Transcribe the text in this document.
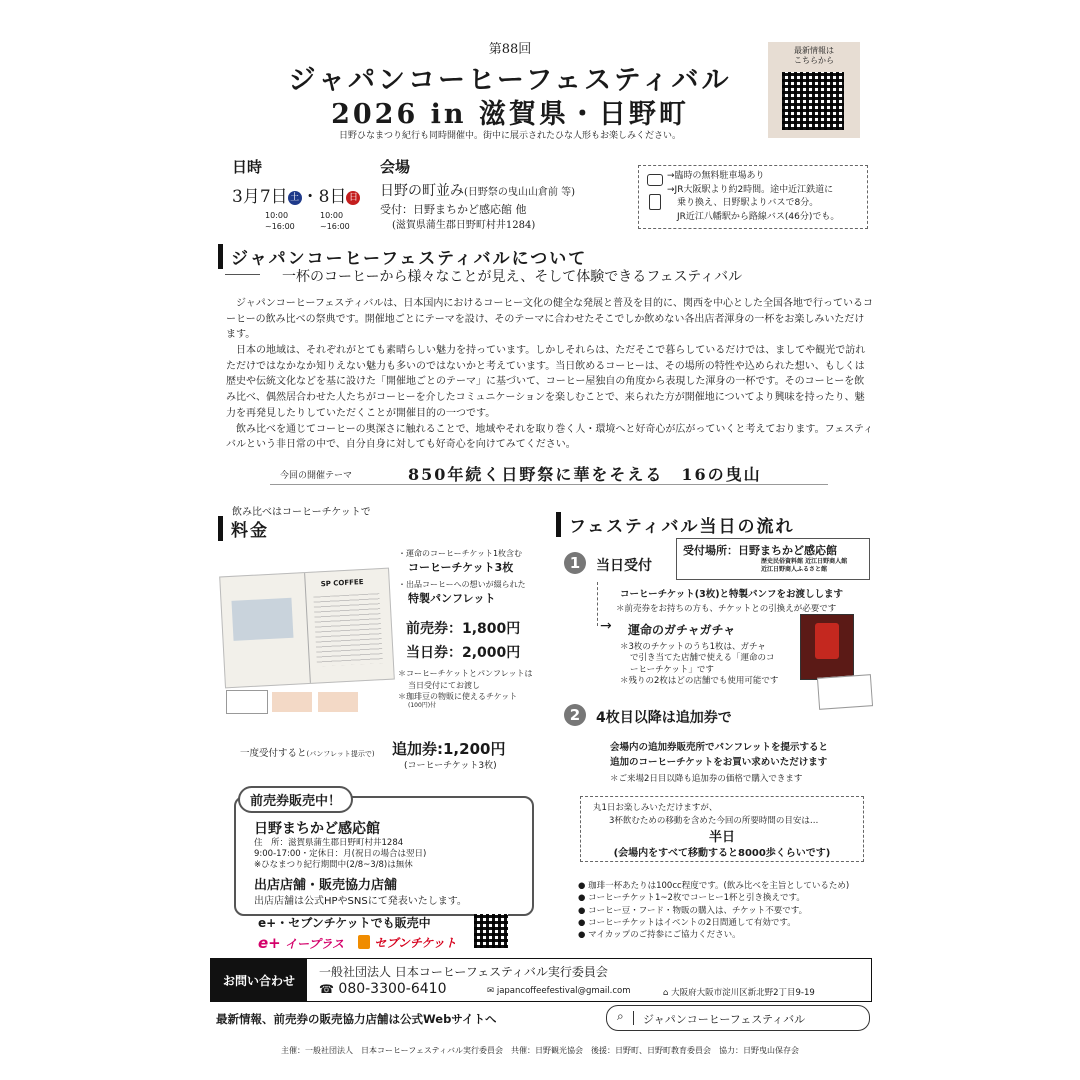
第88回
ジャパンコーヒーフェスティバル
2026 in 滋賀県・日野町
日野ひなまつり紀行も同時開催中。街中に展示されたひな人形もお楽しみください。
最新情報は
こちらから
日時
3月7日 土 ・8日 日
10:00
~16:00
10:00
~16:00
会場
日野の町並み(日野祭の曳山山倉前 等)
受付：日野まちかど感応館 他
(滋賀県蒲生郡日野町村井1284)
→臨時の無料駐車場あり
→JR大阪駅より約2時間。途中近江鉄道に
乗り換え、日野駅よりバスで8分。
JR近江八幡駅から路線バス(46分)でも。
ジャパンコーヒーフェスティバルについて
一杯のコーヒーから様々なことが見え、そして体験できるフェスティバル

ジャパンコーヒーフェスティバルは、日本国内におけるコーヒー文化の健全な発展と普及を目的に、関西を中心とした全国各地で行っているコーヒーの飲み比べの祭典です。開催地ごとにテーマを設け、そのテーマに合わせたそこでしか飲めない各出店者渾身の一杯をお楽しみいただけます。

日本の地域は、それぞれがとても素晴らしい魅力を持っています。しかしそれらは、ただそこで暮らしているだけでは、ましてや観光で訪れただけではなかなか知りえない魅力も多いのではないかと考えています。当日飲めるコーヒーは、その場所の特性や込められた想い、もしくは歴史や伝統文化などを基に設けた「開催地ごとのテーマ」に基づいて、コーヒー屋独自の角度から表現した渾身の一杯です。そのコーヒーを飲み比べ、偶然居合わせた人たちがコーヒーを介したコミュニケーションを楽しむことで、来られた方が開催地についてより興味を持ったり、魅力を再発見したりしていただくことが開催目的の一つです。

飲み比べを通じてコーヒーの奥深さに触れることで、地域やそれを取り巻く人・環境へと好奇心が広がっていくと考えております。フェスティバルという非日常の中で、自分自身に対しても好奇心を向けてみてください。

今回の開催テーマ	850年続く日野祭に華をそえる　16の曳山
飲み比べはコーヒーチケットで
料金
SP COFFEE
・運命のコーヒーチケット1枚含む
コーヒーチケット3枚
・出品コーヒーへの想いが綴られた
特製パンフレット
前売券：1,800円
当日券：2,000円
＊コーヒーチケットとパンフレットは
当日受付にてお渡し
＊珈琲豆の物販に使えるチケット
(100円)付
一度受付すると(パンフレット提示で) 追加券:1,200円
(コーヒーチケット3枚)
前売券販売中！
日野まちかど感応館
住　所：滋賀県蒲生郡日野町村井1284
9:00-17:00・定休日：月(祝日の場合は翌日)
※ひなまつり紀行期間中(2/8~3/8)は無休
出店店舗・販売協力店舗
出店店舗は公式HPやSNSにて発表いたします。
e+・セブンチケットでも販売中
e+ イープラス	セブンチケット
フェスティバル当日の流れ
1	当日受付
受付場所：日野まちかど感応館
歴史民俗資料館 近江日野商人館
近江日野商人ふるさと館
コーヒーチケット(3枚)と特製パンフをお渡しします
＊前売券をお持ちの方も、チケットとの引換えが必要です
→ 運命のガチャガチャ
＊3枚のチケットのうち1枚は、ガチャ
で引き当てた店舗で使える「運命のコ
ーヒーチケット」です
＊残りの2枚はどの店舗でも使用可能です
2	4枚目以降は追加券で
会場内の追加券販売所でパンフレットを提示すると
追加のコーヒーチケットをお買い求めいただけます
＊ご来場2日目以降も追加券の価格で購入できます
丸1日お楽しみいただけますが、
3杯飲むための移動を含めた今回の所要時間の目安は…
半日
(会場内をすべて移動すると8000歩くらいです)
● 珈琲一杯あたりは100cc程度です。(飲み比べを主旨としているため)
● コーヒーチケット1~2枚でコーヒー1杯と引き換えです。
● コーヒー豆・フード・物販の購入は、チケット不要です。
● コーヒーチケットはイベントの2日間通して有効です。
● マイカップのご持参にご協力ください。
お問い合わせ
一般社団法人 日本コーヒーフェスティバル実行委員会
☎ 080-3300-6410	✉ japancoffeefestival@gmail.com	⌂ 大阪府大阪市淀川区新北野2丁目9-19
最新情報、前売券の販売協力店舗は公式Webサイトへ	⌕ ジャパンコーヒーフェスティバル
主催：一般社団法人　日本コーヒーフェスティバル実行委員会　共催：日野観光協会　後援：日野町、日野町教育委員会　協力：日野曳山保存会
